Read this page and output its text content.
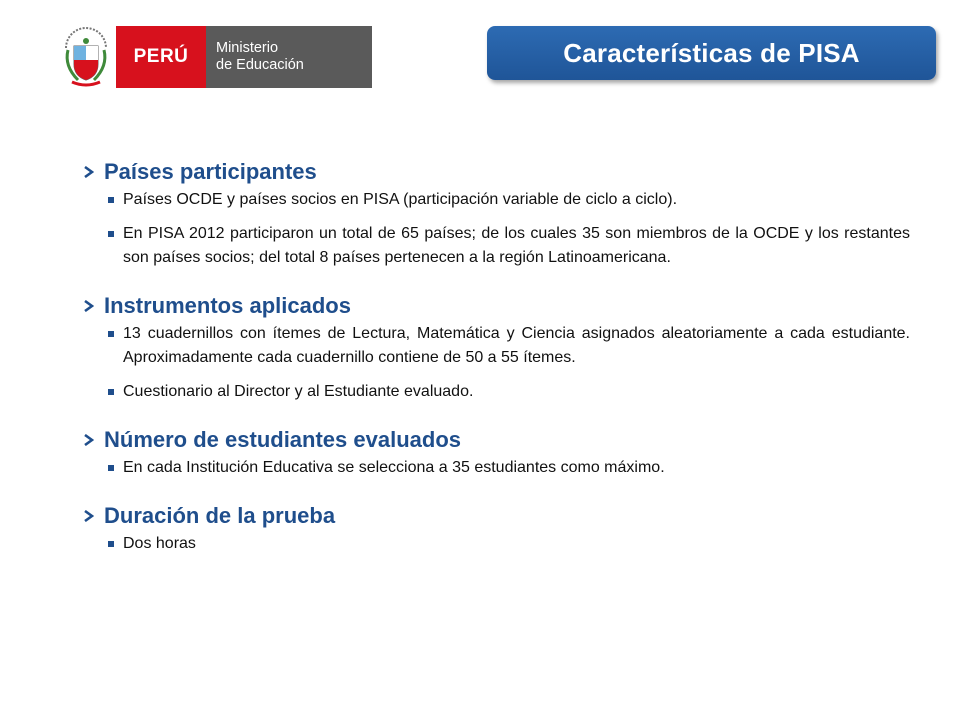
PERÚ Ministerio
de Educación	Características de PISA
Países participantes
Países OCDE y países socios en PISA (participación variable de ciclo a ciclo).
En PISA 2012 participaron un total de 65 países; de los cuales 35 son miembros de la OCDE y los restantes son países socios; del total 8 países pertenecen a la región Latinoamericana.
Instrumentos aplicados
13 cuadernillos con ítemes de Lectura, Matemática y Ciencia asignados aleatoriamente a cada estudiante. Aproximadamente cada cuadernillo contiene de 50 a 55 ítemes.
Cuestionario al Director y al Estudiante evaluado.
Número de estudiantes evaluados
En cada Institución Educativa se selecciona a 35 estudiantes como máximo.
Duración de la prueba
Dos horas
